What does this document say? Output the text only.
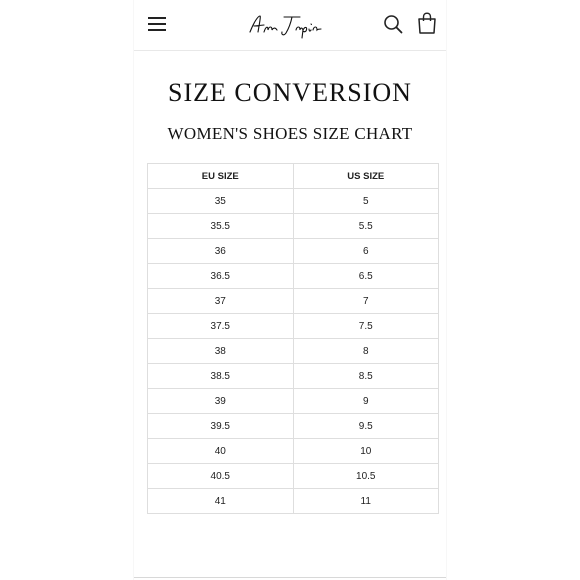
SIZE CONVERSION
WOMEN'S SHOES SIZE CHART
EU SIZE	US SIZE
35	5
35.5	5.5
36	6
36.5	6.5
37	7
37.5	7.5
38	8
38.5	8.5
39	9
39.5	9.5
40	10
40.5	10.5
41	11
